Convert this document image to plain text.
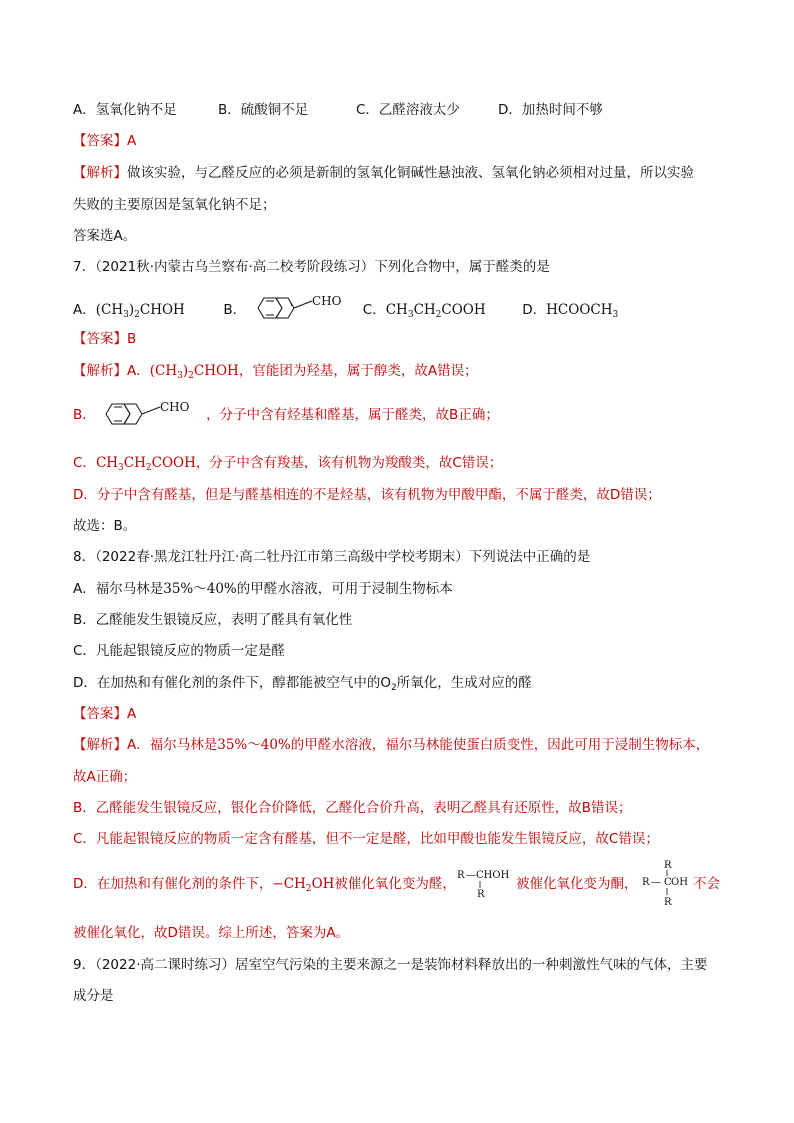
A．氢氧化钠不足	B．硫酸铜不足	C．乙醛溶液太少	D．加热时间不够
【答案】A
【解析】做该实验，与乙醛反应的必须是新制的氢氧化铜碱性悬浊液、氢氧化钠必须相对过量，所以实验
失败的主要原因是氢氧化钠不足；
答案选A。
7．（2021秋·内蒙古乌兰察布·高二校考阶段练习）下列化合物中，属于醛类的是
A．$(CH_3)_2CHOH$	B．
CHO
C．$CH_3CH_2COOH$	D．$HCOOCH_3$
【答案】B
【解析】A．$(CH_3)_2CHOH$，官能团为羟基，属于醇类，故A错误；
B．	CHO ，分子中含有烃基和醛基，属于醛类，故B正确；
C．$CH_3CH_2COOH$，分子中含有羧基，该有机物为羧酸类，故C错误；
D．分子中含有醛基，但是与醛基相连的不是烃基，该有机物为甲酸甲酯，不属于醛类，故D错误；
故选：B。
8．（2022春·黑龙江牡丹江·高二牡丹江市第三高级中学校考期末）下列说法中正确的是
A．福尔马林是35%～40%的甲醛水溶液，可用于浸制生物标本
B．乙醛能发生银镜反应，表明了醛具有氧化性
C．凡能起银镜反应的物质一定是醛
D．在加热和有催化剂的条件下，醇都能被空气中的$O_2$所氧化，生成对应的醛
【答案】A
【解析】A．福尔马林是35%～40%的甲醛水溶液，福尔马林能使蛋白质变性，因此可用于浸制生物标本，
故A正确；
B．乙醛能发生银镜反应，银化合价降低，乙醛化合价升高，表明乙醛具有还原性，故B错误；
C．凡能起银镜反应的物质一定含有醛基，但不一定是醛，比如甲酸也能发生银镜反应，故C错误；
D．在加热和有催化剂的条件下，$-CH_2OH$被催化氧化变为醛，
R — CHOH
R
被催化氧化变为酮，
R
R — C OH
R
不会
被催化氧化，故D错误。综上所述，答案为A。
9．（2022·高二课时练习）居室空气污染的主要来源之一是装饰材料释放出的一种刺激性气味的气体，主要
成分是
